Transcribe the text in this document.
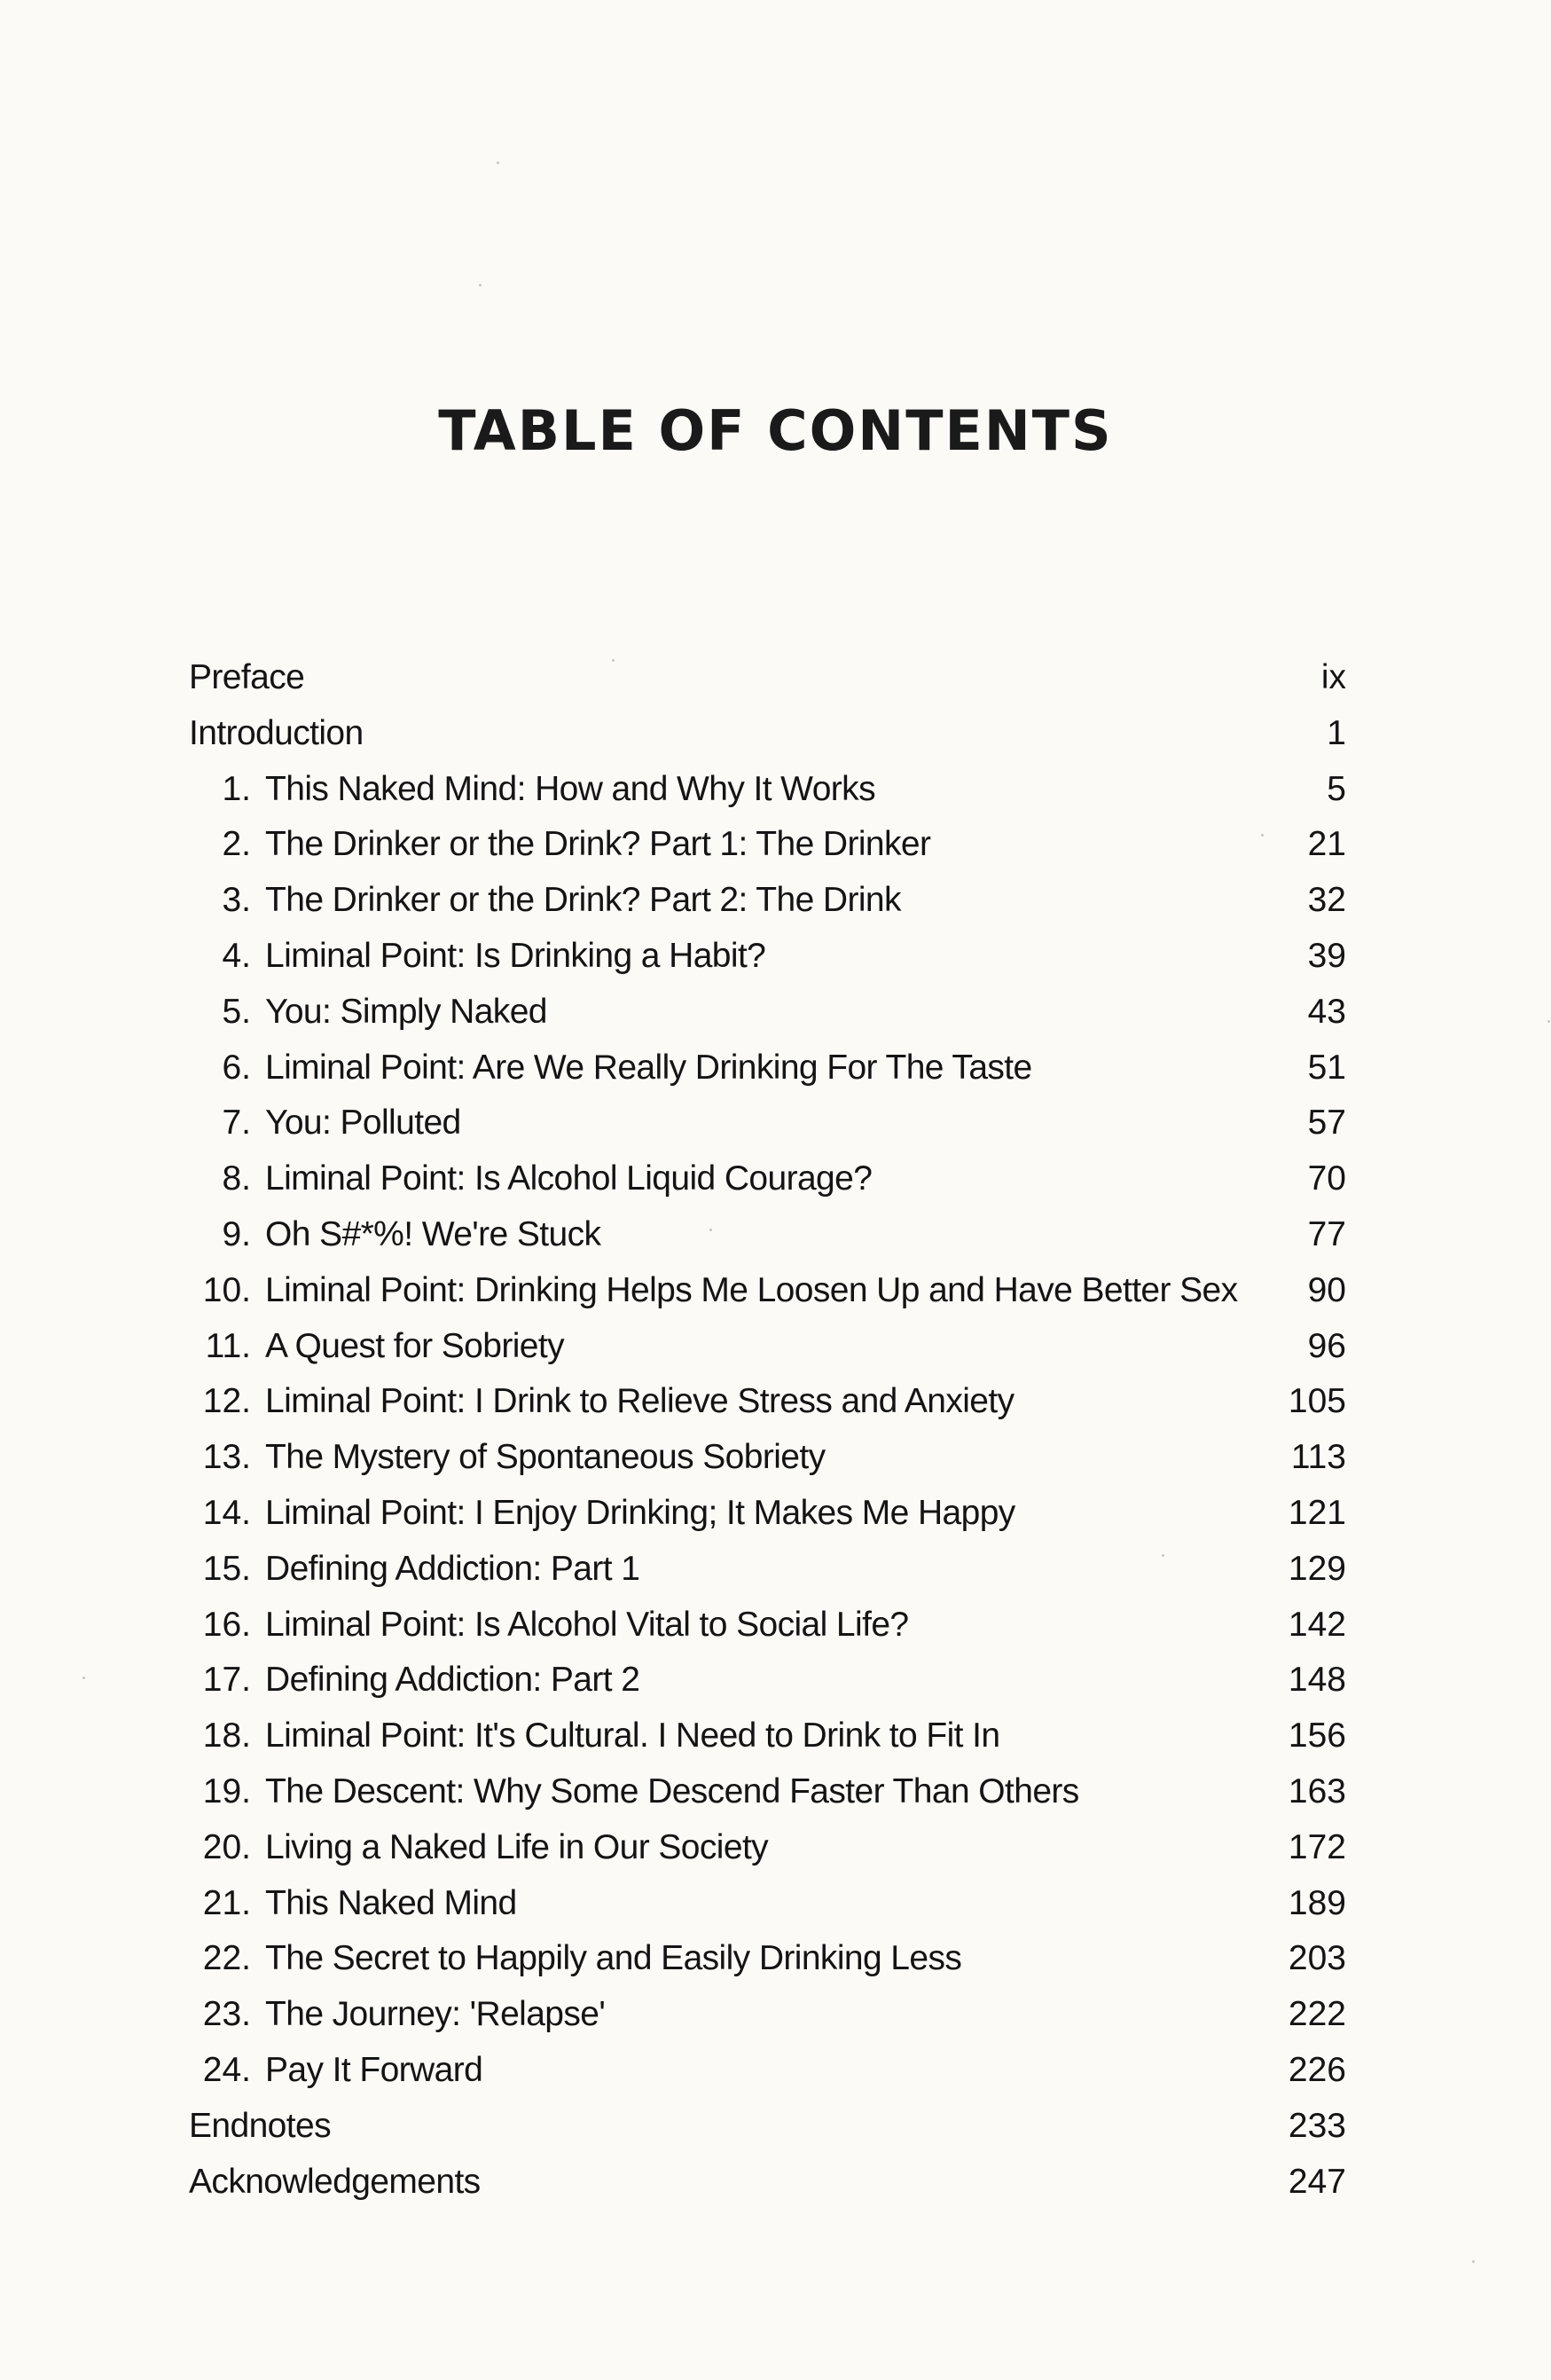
TABLE OF CONTENTS
Preface	ix
Introduction	1
1. This Naked Mind: How and Why It Works	5
2. The Drinker or the Drink? Part 1: The Drinker	21
3. The Drinker or the Drink? Part 2: The Drink	32
4. Liminal Point: Is Drinking a Habit?	39
5. You: Simply Naked	43
6. Liminal Point: Are We Really Drinking For The Taste	51
7. You: Polluted	57
8. Liminal Point: Is Alcohol Liquid Courage?	70
9. Oh S#*%! We're Stuck	77
10. Liminal Point: Drinking Helps Me Loosen Up and Have Better Sex 90
11. A Quest for Sobriety	96
12. Liminal Point: I Drink to Relieve Stress and Anxiety	105
13. The Mystery of Spontaneous Sobriety	113
14. Liminal Point: I Enjoy Drinking; It Makes Me Happy	121
15. Defining Addiction: Part 1	129
16. Liminal Point: Is Alcohol Vital to Social Life?	142
17. Defining Addiction: Part 2	148
18. Liminal Point: It's Cultural. I Need to Drink to Fit In	156
19. The Descent: Why Some Descend Faster Than Others	163
20. Living a Naked Life in Our Society	172
21. This Naked Mind	189
22. The Secret to Happily and Easily Drinking Less	203
23. The Journey: 'Relapse'	222
24. Pay It Forward	226
Endnotes	233
Acknowledgements	247
